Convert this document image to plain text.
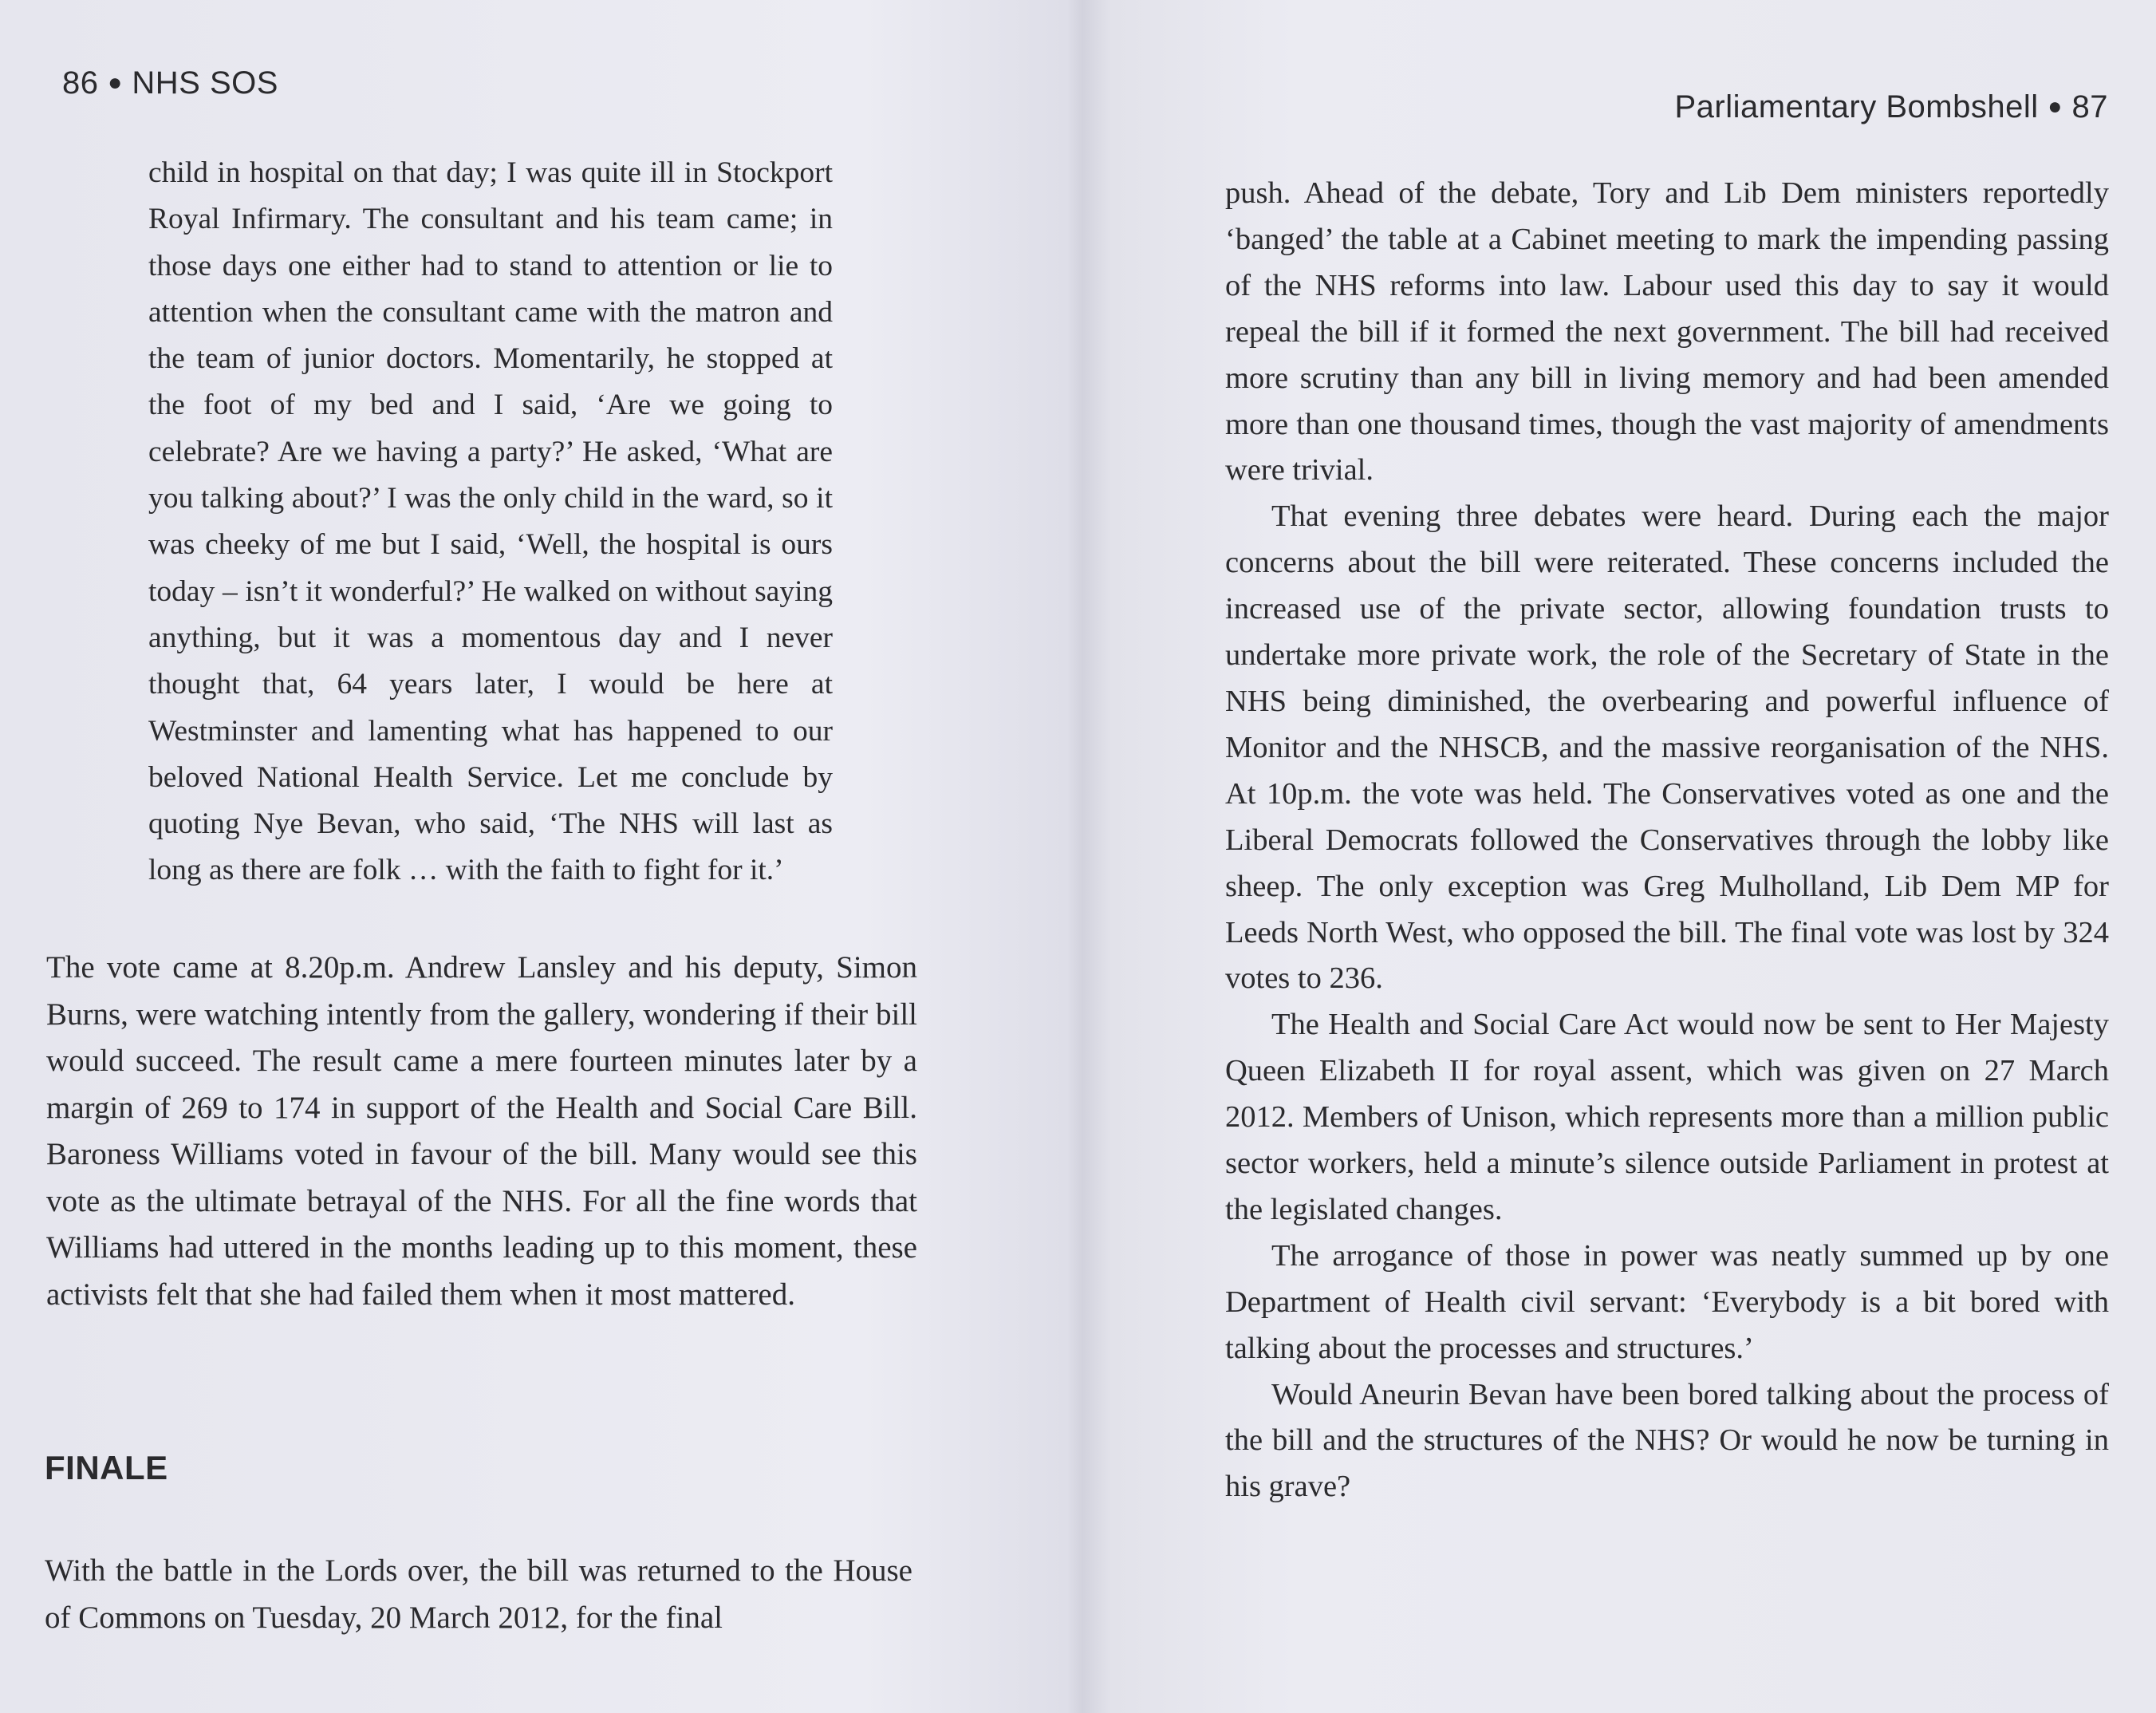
86 ● NHS SOS

child in hospital on that day; I was quite ill in Stockport Royal Infirmary. The consultant and his team came; in those days one either had to stand to attention or lie to attention when the consultant came with the matron and the team of junior doctors. Momentarily, he stopped at the foot of my bed and I said, ‘Are we going to celebrate? Are we having a party?’ He asked, ‘What are you talking about?’ I was the only child in the ward, so it was cheeky of me but I said, ‘Well, the hospital is ours today – isn’t it wonderful?’ He walked on without saying anything, but it was a momentous day and I never thought that, 64 years later, I would be here at Westminster and lamenting what has happened to our beloved National Health Service. Let me conclude by quoting Nye Bevan, who said, ‘The NHS will last as long as there are folk … with the faith to fight for it.’

The vote came at 8.20p.m. Andrew Lansley and his deputy, Simon Burns, were watching intently from the gallery, wondering if their bill would succeed. The result came a mere fourteen minutes later by a margin of 269 to 174 in support of the Health and Social Care Bill. Baroness Williams voted in favour of the bill. Many would see this vote as the ultimate betrayal of the NHS. For all the fine words that Williams had uttered in the months leading up to this moment, these activists felt that she had failed them when it most mattered.

FINALE

With the battle in the Lords over, the bill was returned to the House of Commons on Tuesday, 20 March 2012, for the final

Parliamentary Bombshell ● 87

push. Ahead of the debate, Tory and Lib Dem ministers reportedly ‘banged’ the table at a Cabinet meeting to mark the impending passing of the NHS reforms into law. Labour used this day to say it would repeal the bill if it formed the next government. The bill had received more scrutiny than any bill in living memory and had been amended more than one thousand times, though the vast majority of amendments were trivial.

That evening three debates were heard. During each the major concerns about the bill were reiterated. These concerns included the increased use of the private sector, allowing foundation trusts to undertake more private work, the role of the Secretary of State in the NHS being diminished, the overbearing and powerful influence of Monitor and the NHSCB, and the massive reorganisation of the NHS. At 10p.m. the vote was held. The Conservatives voted as one and the Liberal Democrats followed the Conservatives through the lobby like sheep. The only exception was Greg Mulholland, Lib Dem MP for Leeds North West, who opposed the bill. The final vote was lost by 324 votes to 236.

The Health and Social Care Act would now be sent to Her Majesty Queen Elizabeth II for royal assent, which was given on 27 March 2012. Members of Unison, which represents more than a million public sector workers, held a minute’s silence outside Parliament in protest at the legislated changes.

The arrogance of those in power was neatly summed up by one Department of Health civil servant: ‘Everybody is a bit bored with talking about the processes and structures.’

Would Aneurin Bevan have been bored talking about the process of the bill and the structures of the NHS? Or would he now be turning in his grave?
